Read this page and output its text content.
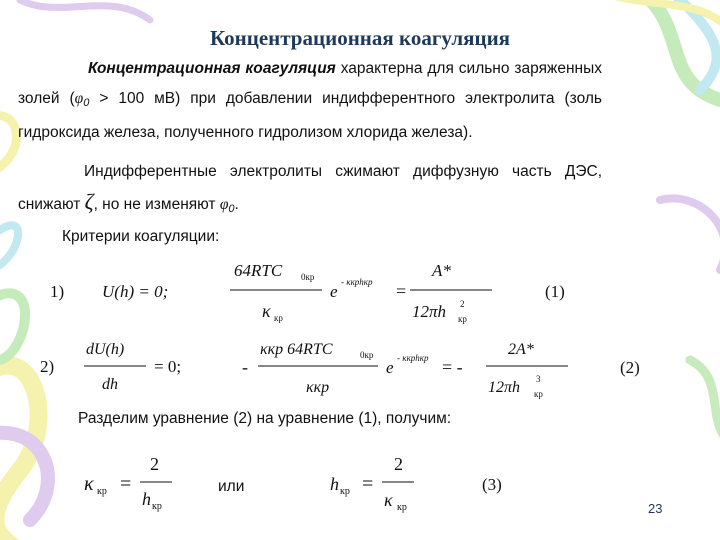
Концентрационная коагуляция
Концентрационная коагуляция характерна для сильно заряженных золей ($\varphi_0 > 100$ мВ) при добавлении индифферентного электролита (золь гидроксида железа, полученного гидролизом хлорида железа).
Индифферентные электролиты сжимают диффузную часть ДЭС, снижают ζ, но не изменяют $\varphi_0$.
Критерии коагуляции:
1) U(h) = 0;
64RTC 0кр
κ кр
e - κкрhкр =
A*
12πh кр
2
(1)
2)
dU(h)
dh
= 0;	-
κкр 64RTC	0кр
κкр
e - κкрhкр = -
2A*
12πh кр
3
(2)
κ кр =
2
h кр
h кр =
2
κ кр
(3)
Разделим уравнение (2) на уравнение (1), получим:
или
23
